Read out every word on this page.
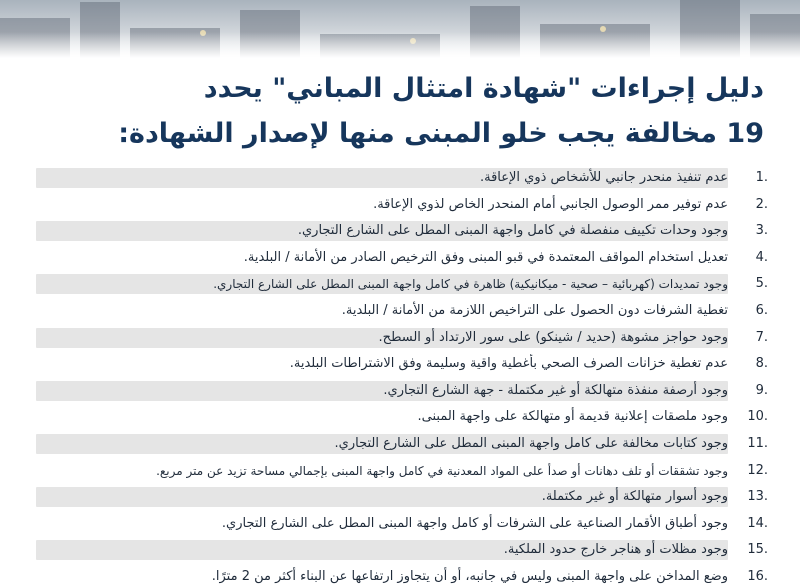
دليل إجراءات "شهادة امتثال المباني" يحدد
19 مخالفة يجب خلو المبنى منها لإصدار الشهادة:
1.
عدم تنفيذ منحدر جانبي للأشخاص ذوي الإعاقة.
2.
عدم توفير ممر الوصول الجانبي أمام المنحدر الخاص لذوي الإعاقة.
3.
وجود وحدات تكييف منفصلة في كامل واجهة المبنى المطل على الشارع التجاري.
4.
تعديل استخدام المواقف المعتمدة في قبو المبنى وفق الترخيص الصادر من الأمانة / البلدية.
5.
وجود تمديدات (كهربائية – صحية - ميكانيكية) ظاهرة في كامل واجهة المبنى المطل على الشارع التجاري.
6.
تغطية الشرفات دون الحصول على التراخيص اللازمة من الأمانة / البلدية.
7.
وجود حواجز مشوهة (حديد / شينكو) على سور الارتداد أو السطح.
8.
عدم تغطية خزانات الصرف الصحي بأغطية واقية وسليمة وفق الاشتراطات البلدية.
9.
وجود أرصفة منفذة متهالكة أو غير مكتملة - جهة الشارع التجاري.
10.
وجود ملصقات إعلانية قديمة أو متهالكة على واجهة المبنى.
11.
وجود كتابات مخالفة على كامل واجهة المبنى المطل على الشارع التجاري.
12.
وجود تشققات أو تلف دهانات أو صدأ على المواد المعدنية في كامل واجهة المبنى بإجمالي مساحة تزيد عن متر مربع.
13.
وجود أسوار متهالكة أو غير مكتملة.
14.
وجود أطباق الأقمار الصناعية على الشرفات أو كامل واجهة المبنى المطل على الشارع التجاري.
15.
وجود مظلات أو هناجر خارج حدود الملكية.
16.
وضع المداخن على واجهة المبنى وليس في جانبه، أو أن يتجاوز ارتفاعها عن البناء أكثر من 2 مترًا.
